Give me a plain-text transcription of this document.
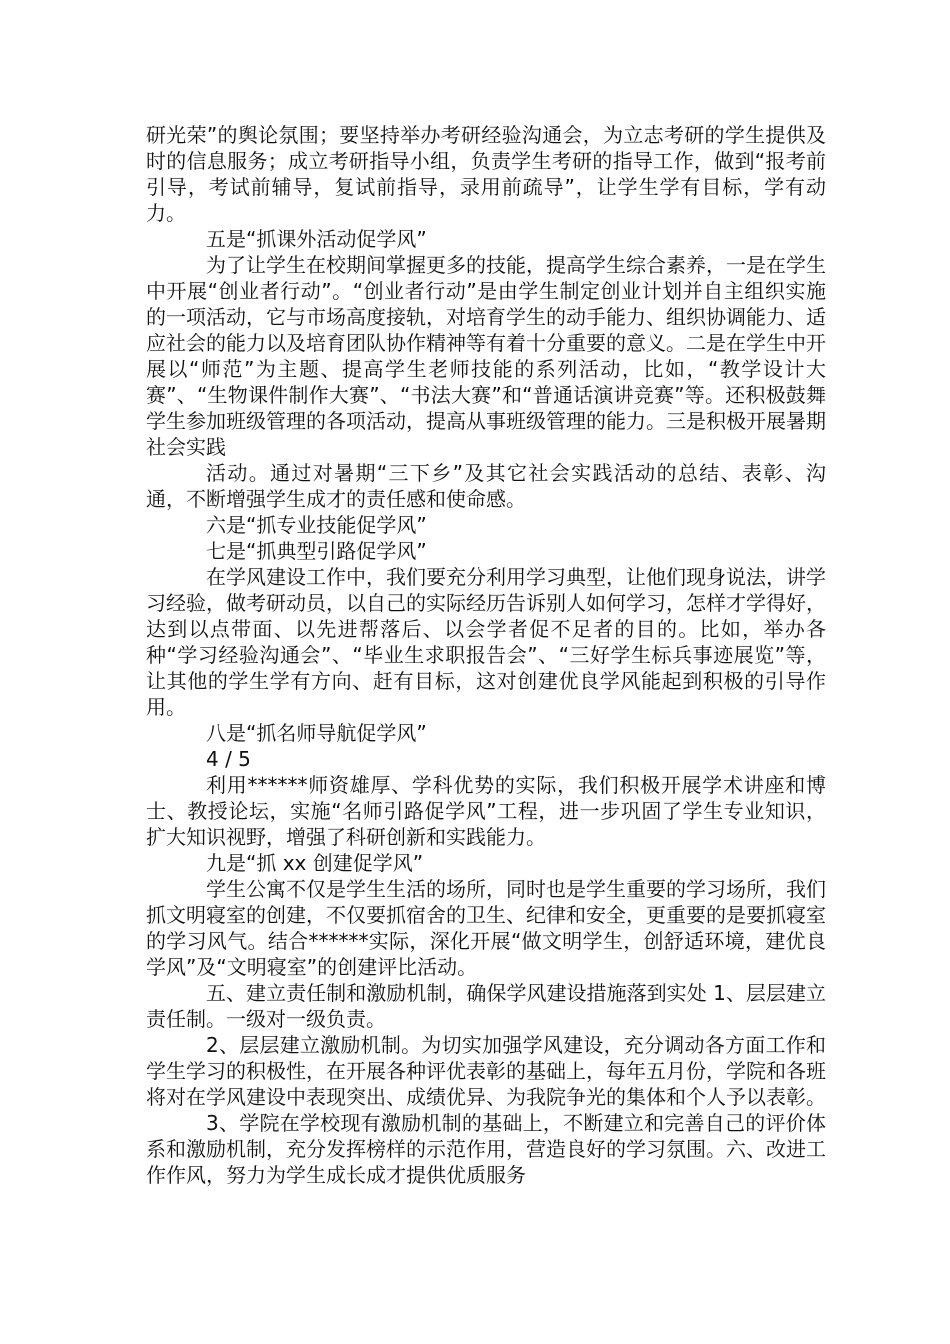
研光荣”的舆论氛围；要坚持举办考研经验沟通会，为立志考研的学生提供及时的信息服务；成立考研指导小组，负责学生考研的指导工作，做到“报考前引导，考试前辅导，复试前指导，录用前疏导”，让学生学有目标，学有动力。

五是“抓课外活动促学风”

为了让学生在校期间掌握更多的技能，提高学生综合素养，一是在学生中开展“创业者行动”。“创业者行动”是由学生制定创业计划并自主组织实施的一项活动，它与市场高度接轨，对培育学生的动手能力、组织协调能力、适应社会的能力以及培育团队协作精神等有着十分重要的意义。二是在学生中开展以“师范”为主题、提高学生老师技能的系列活动，比如，“教学设计大赛”、“生物课件制作大赛”、“书法大赛”和“普通话演讲竞赛”等。还积极鼓舞学生参加班级管理的各项活动，提高从事班级管理的能力。三是积极开展暑期社会实践

活动。通过对暑期“三下乡”及其它社会实践活动的总结、表彰、沟通，不断增强学生成才的责任感和使命感。

六是“抓专业技能促学风”

七是“抓典型引路促学风”

在学风建设工作中，我们要充分利用学习典型，让他们现身说法，讲学习经验，做考研动员，以自己的实际经历告诉别人如何学习，怎样才学得好，达到以点带面、以先进帮落后、以会学者促不足者的目的。比如，举办各种“学习经验沟通会”、“毕业生求职报告会”、“三好学生标兵事迹展览”等，让其他的学生学有方向、赶有目标，这对创建优良学风能起到积极的引导作用。

八是“抓名师导航促学风”

4 / 5

利用******师资雄厚、学科优势的实际，我们积极开展学术讲座和博士、教授论坛，实施“名师引路促学风”工程，进一步巩固了学生专业知识，扩大知识视野，增强了科研创新和实践能力。

九是“抓 xx 创建促学风”

学生公寓不仅是学生生活的场所，同时也是学生重要的学习场所，我们抓文明寝室的创建，不仅要抓宿舍的卫生、纪律和安全，更重要的是要抓寝室的学习风气。结合******实际，深化开展“做文明学生，创舒适环境，建优良学风”及“文明寝室”的创建评比活动。

五、建立责任制和激励机制，确保学风建设措施落到实处 1、层层建立责任制。一级对一级负责。

2、层层建立激励机制。为切实加强学风建设，充分调动各方面工作和学生学习的积极性，在开展各种评优表彰的基础上，每年五月份，学院和各班将对在学风建设中表现突出、成绩优异、为我院争光的集体和个人予以表彰。

3、学院在学校现有激励机制的基础上，不断建立和完善自己的评价体系和激励机制，充分发挥榜样的示范作用，营造良好的学习氛围。六、改进工作作风，努力为学生成长成才提供优质服务
